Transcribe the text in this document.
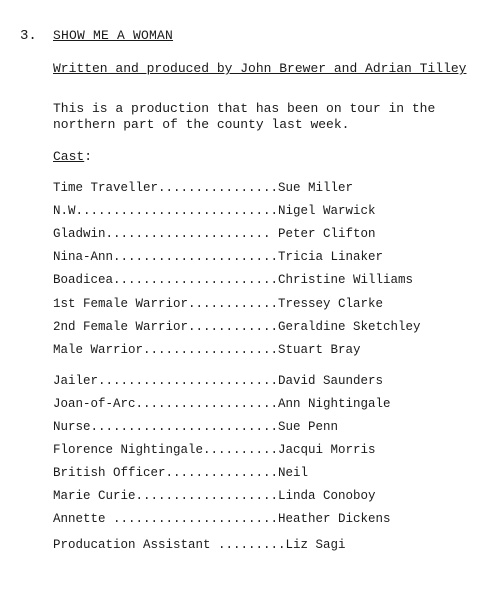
3. SHOW ME A WOMAN
Written and produced by John Brewer and Adrian Tilley
This is a production that has been on tour in the northern part of the county last week.
Cast:
Time Traveller................Sue Miller
N.W...........................Nigel Warwick
Gladwin...................... Peter Clifton
Nina-Ann......................Tricia Linaker
Boadicea......................Christine Williams
1st Female Warrior............Tressey Clarke
2nd Female Warrior............Geraldine Sketchley
Male Warrior..................Stuart Bray
Jailer........................David Saunders
Joan-of-Arc...................Ann Nightingale
Nurse.........................Sue Penn
Florence Nightingale..........Jacqui Morris
British Officer...............Neil
Marie Curie...................Linda Conoboy
Annette ......................Heather Dickens
Producation Assistant .........Liz Sagi
